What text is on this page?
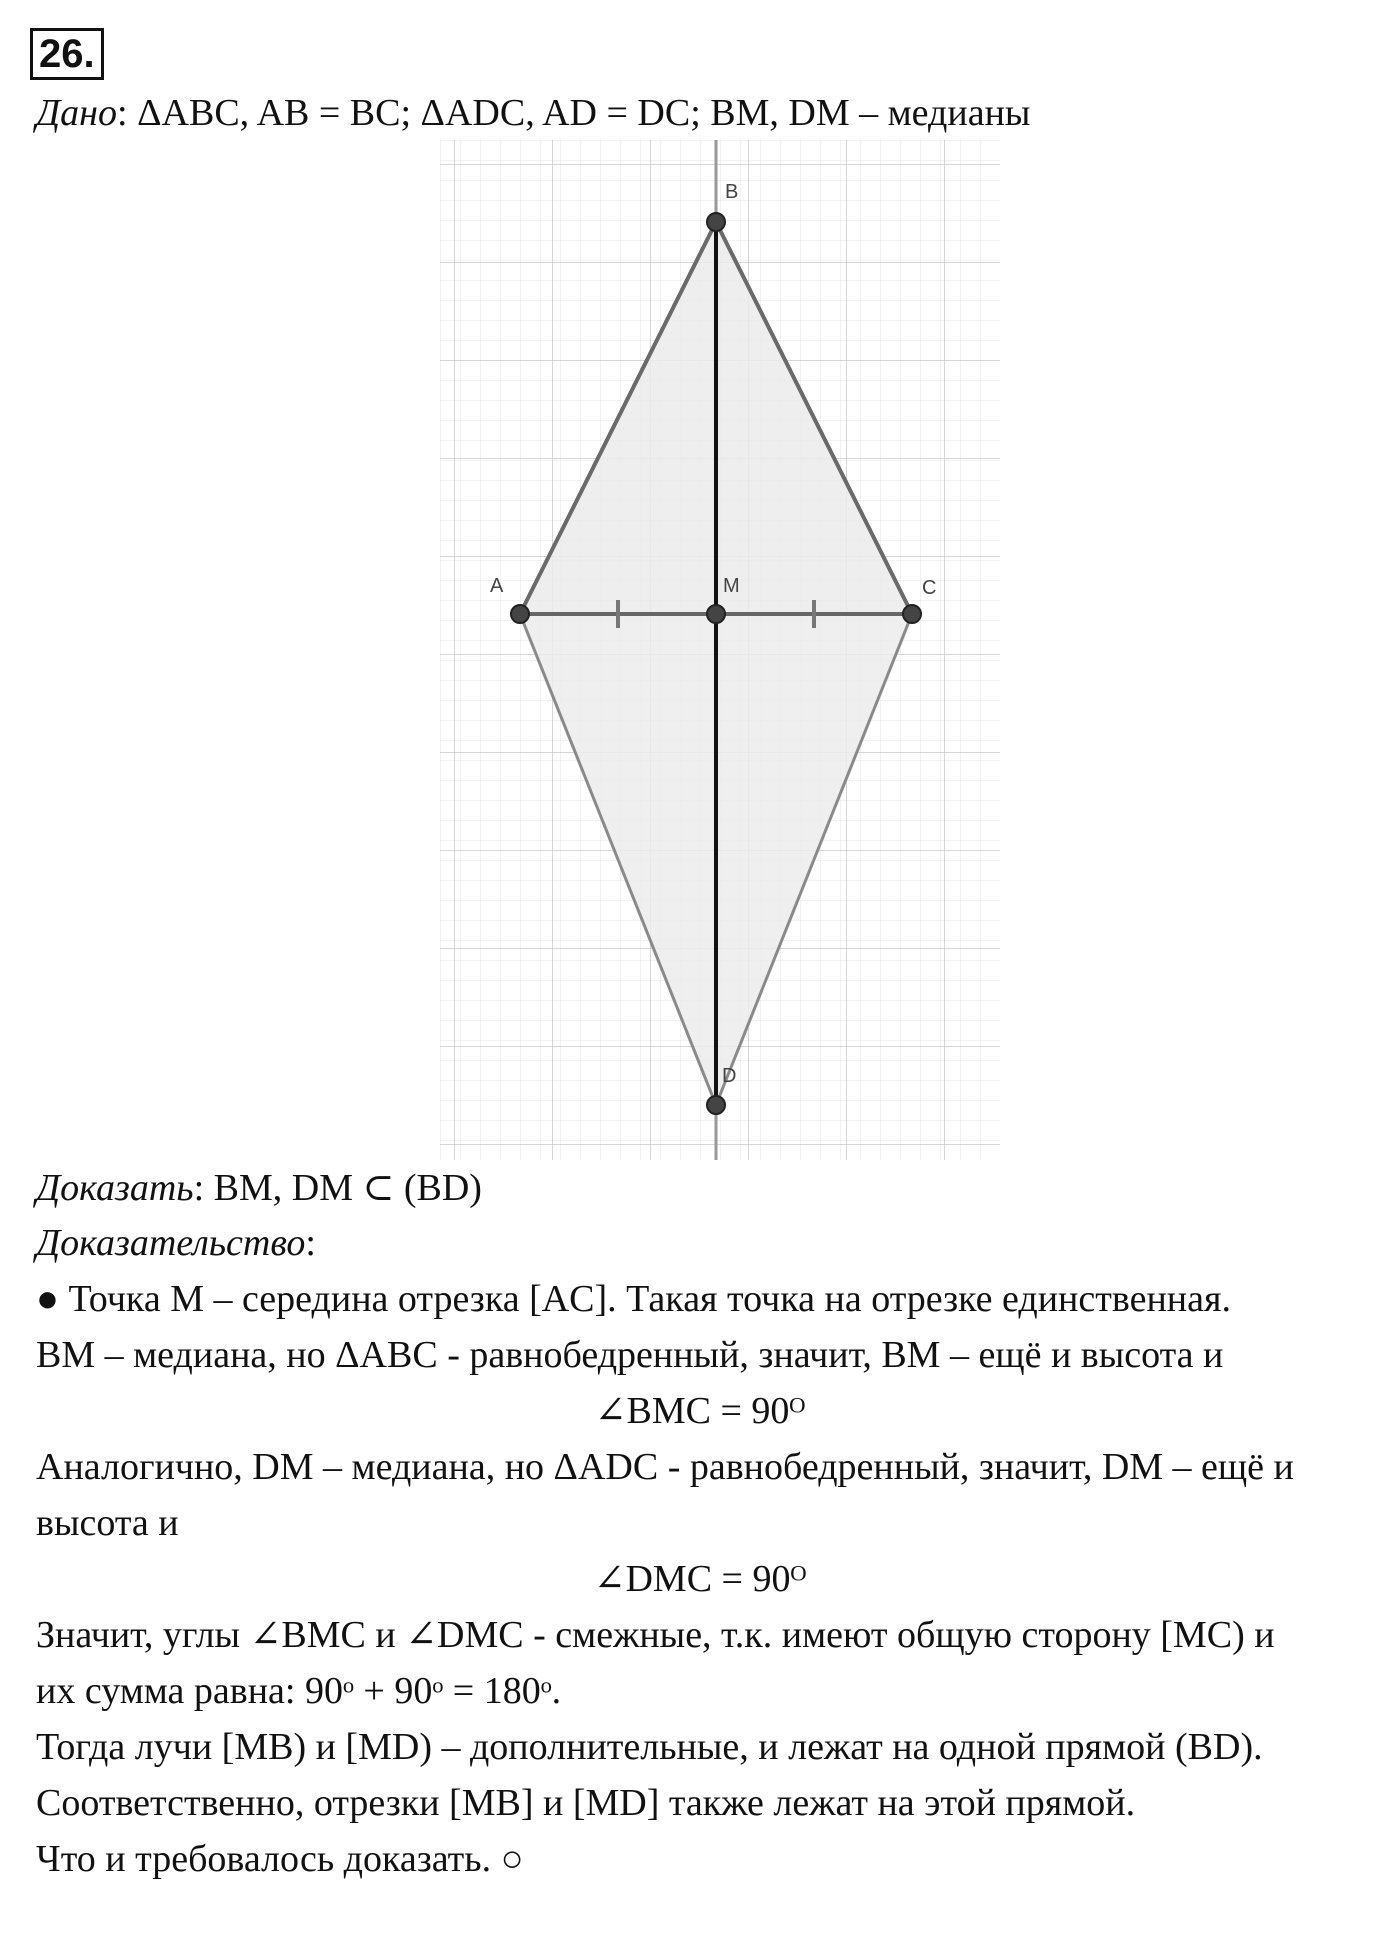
26.
Дано: ΔABC, AB = BC; ΔADC, AD = DC; BM, DM – медианы
B
A	M	C
D
Доказать: BM, DM ⊂ (BD)
Доказательство:
● Точка M – середина отрезка [AC]. Такая точка на отрезке единственная.
BM – медиана, но ΔABC - равнобедренный, значит, BM – ещё и высота и
∠BMC = 90ᴼ
Аналогично, DM – медиана, но ΔADC - равнобедренный, значит, DM – ещё и
высота и
∠DMC = 90ᴼ
Значит, углы ∠BMC и ∠DMC - смежные, т.к. имеют общую сторону [MC) и
их сумма равна: 90ᵒ + 90ᵒ = 180ᵒ.
Тогда лучи [MB) и [MD) – дополнительные, и лежат на одной прямой (BD).
Соответственно, отрезки [MB] и [MD] также лежат на этой прямой.
Что и требовалось доказать. ○
